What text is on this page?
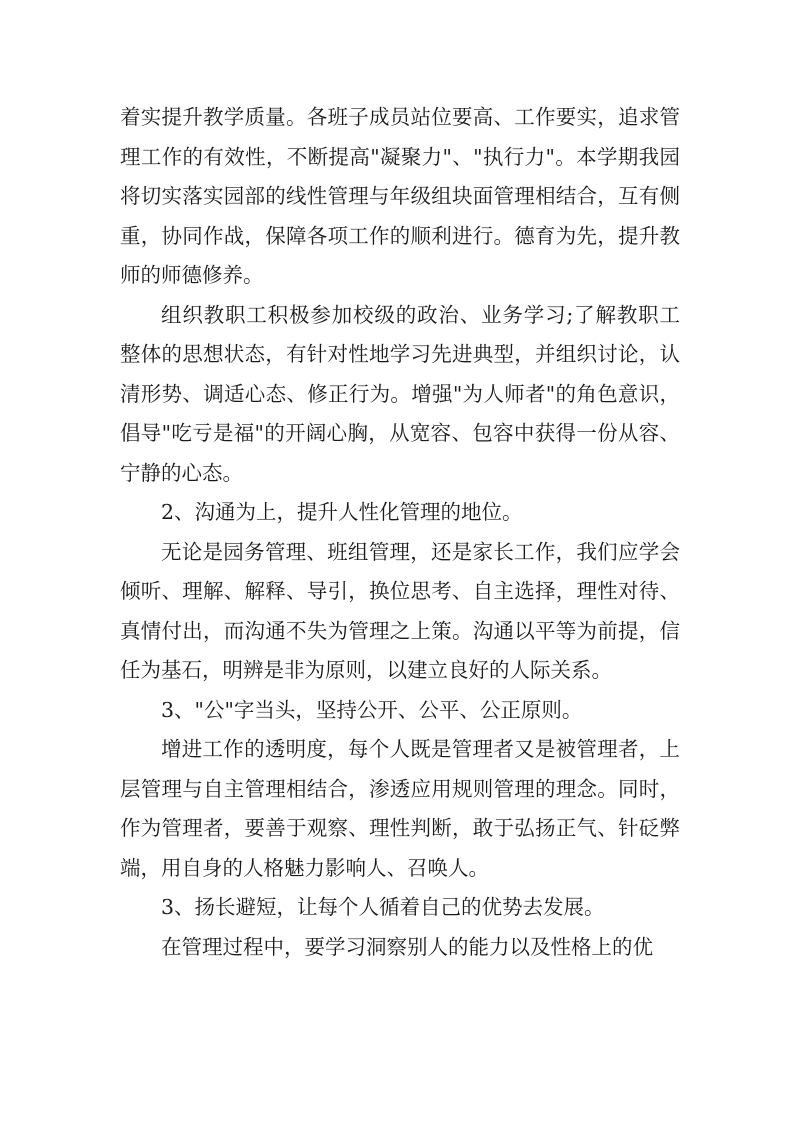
着实提升教学质量。各班子成员站位要高、工作要实，追求管理工作的有效性，不断提高"凝聚力"、"执行力"。本学期我园将切实落实园部的线性管理与年级组块面管理相结合，互有侧重，协同作战，保障各项工作的顺利进行。德育为先，提升教师的师德修养。

组织教职工积极参加校级的政治、业务学习;了解教职工整体的思想状态，有针对性地学习先进典型，并组织讨论，认清形势、调适心态、修正行为。增强"为人师者"的角色意识，倡导"吃亏是福"的开阔心胸，从宽容、包容中获得一份从容、宁静的心态。

2、沟通为上，提升人性化管理的地位。

无论是园务管理、班组管理，还是家长工作，我们应学会倾听、理解、解释、导引，换位思考、自主选择，理性对待、真情付出，而沟通不失为管理之上策。沟通以平等为前提，信任为基石，明辨是非为原则，以建立良好的人际关系。

3、"公"字当头，坚持公开、公平、公正原则。

增进工作的透明度，每个人既是管理者又是被管理者，上层管理与自主管理相结合，渗透应用规则管理的理念。同时，作为管理者，要善于观察、理性判断，敢于弘扬正气、针砭弊端，用自身的人格魅力影响人、召唤人。

3、扬长避短，让每个人循着自己的优势去发展。

在管理过程中，要学习洞察别人的能力以及性格上的优
